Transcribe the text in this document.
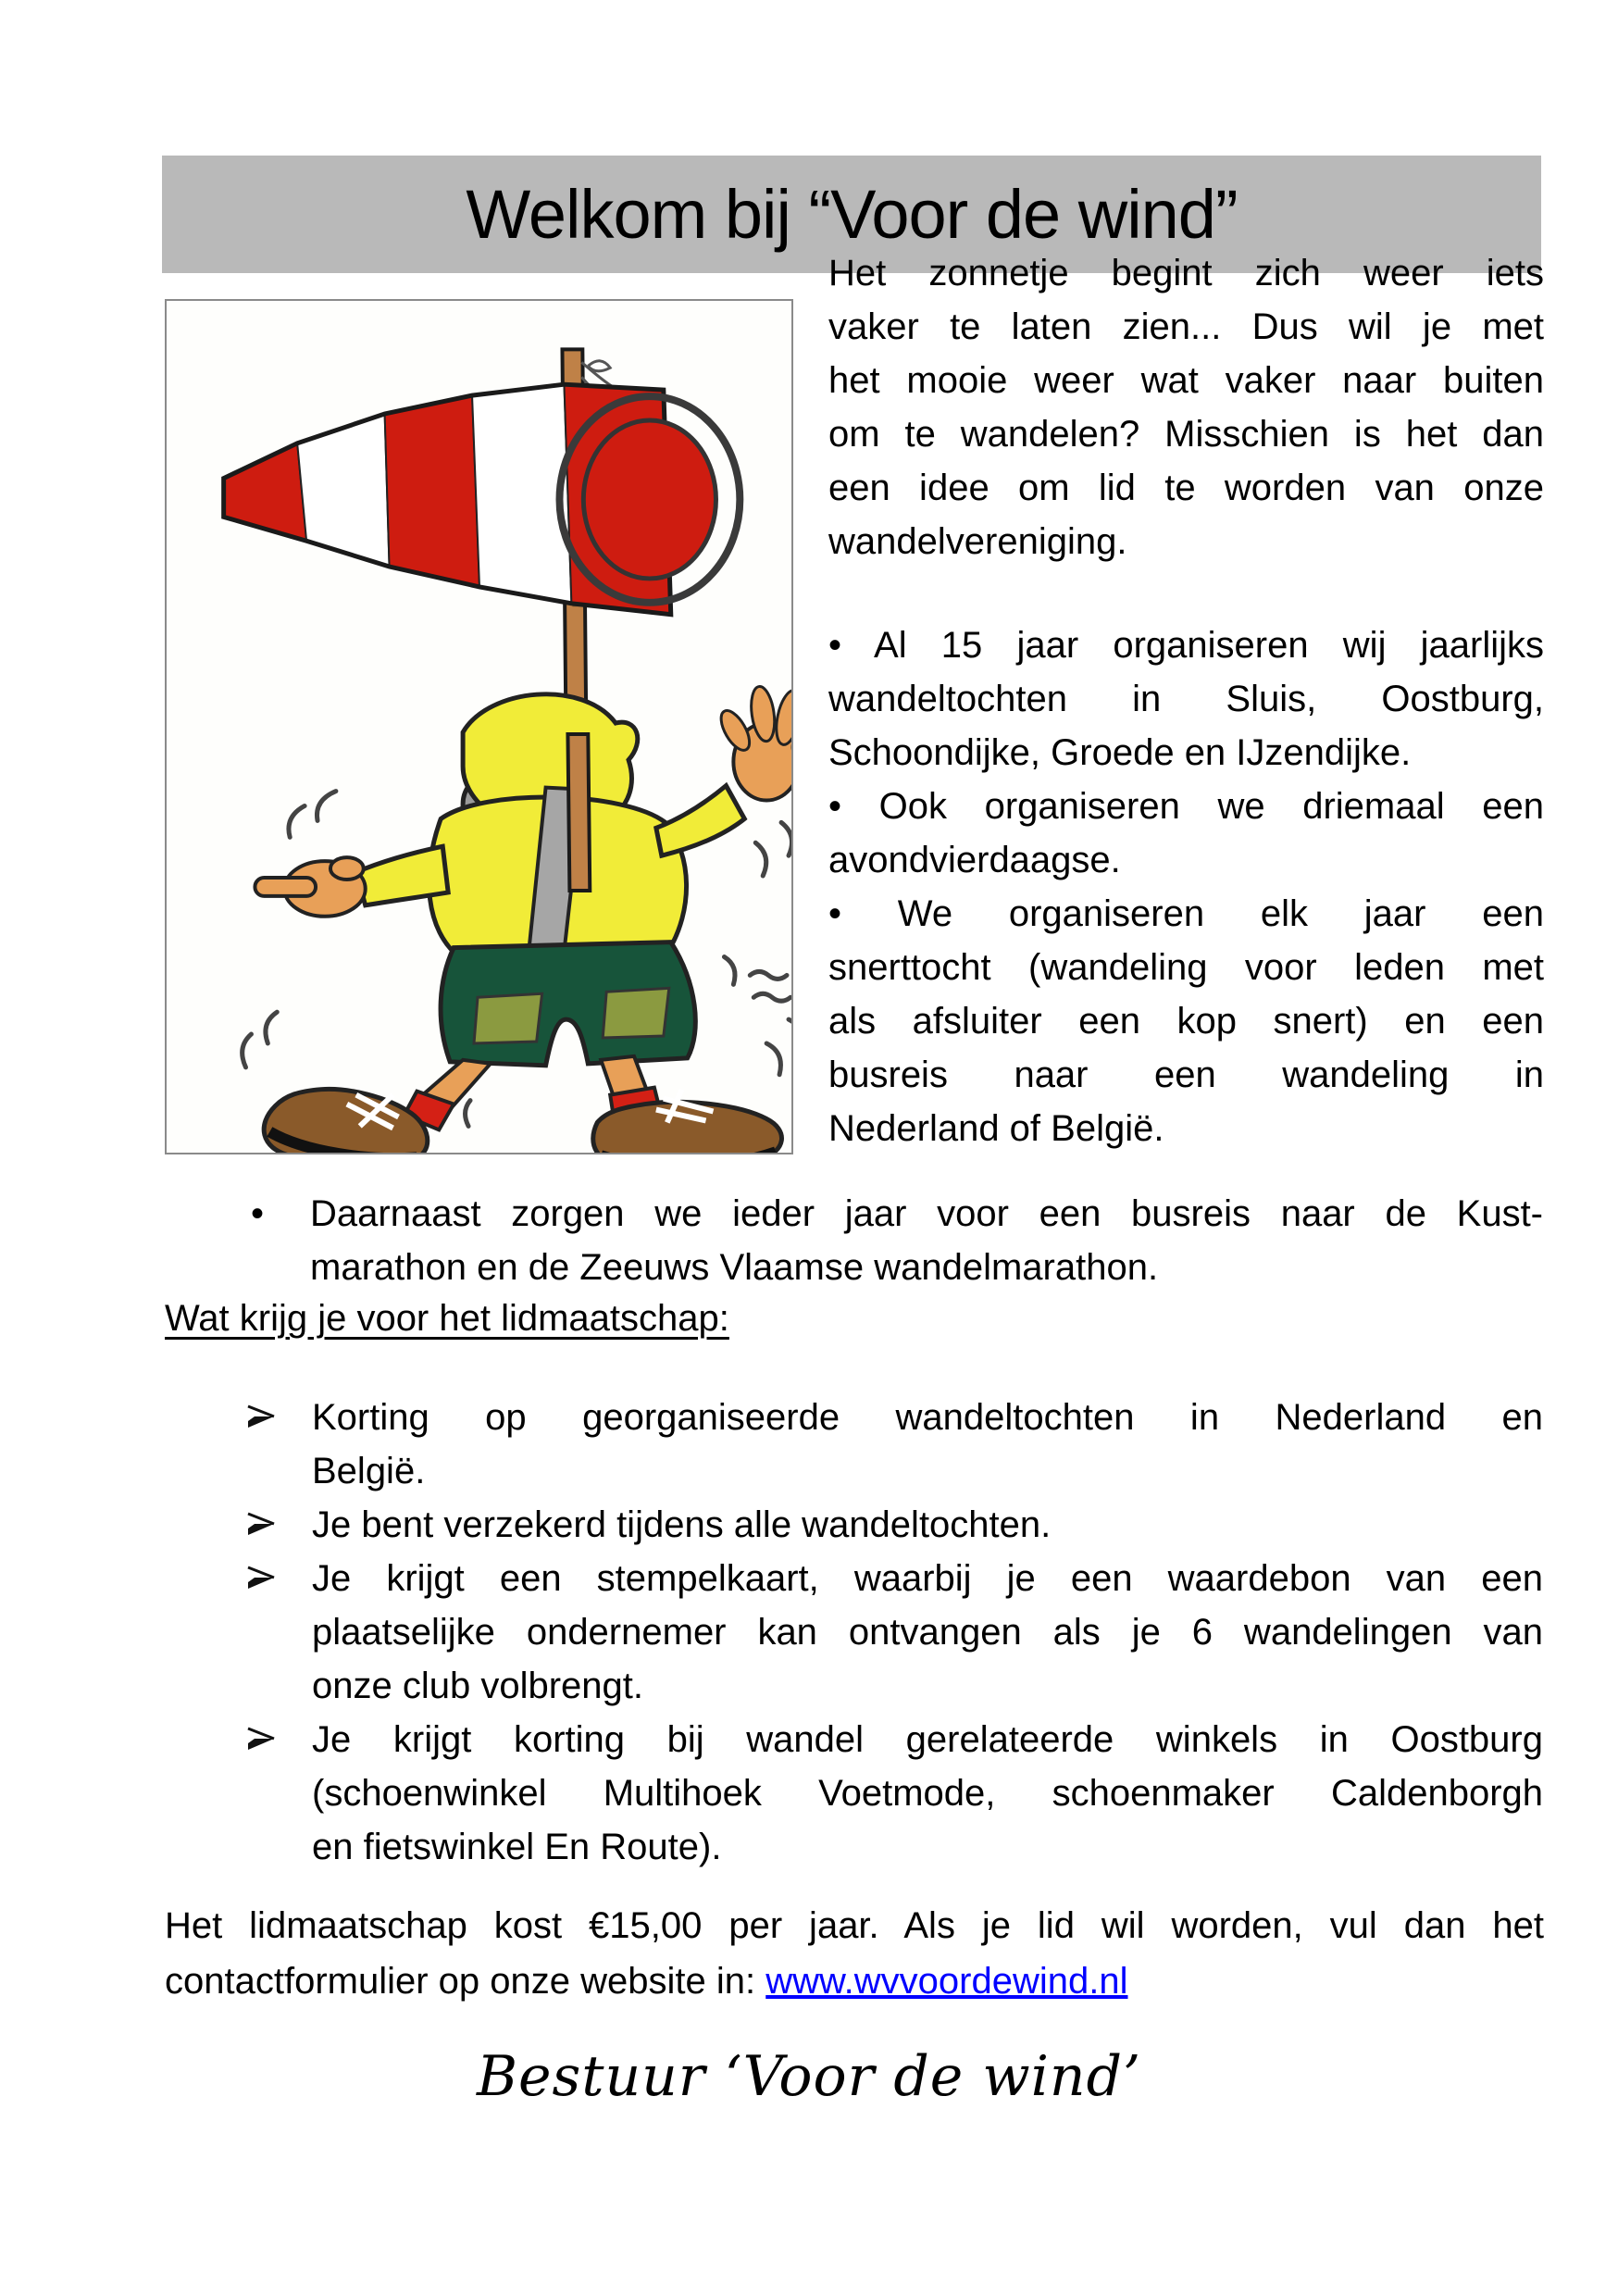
Welkom bij “Voor de wind”
Het zonnetje begint zich weer iets
vaker te laten zien... Dus wil je met
het mooie weer wat vaker naar buiten
om te wandelen? Misschien is het dan
een idee om lid te worden van onze
wandelvereniging.
• Al 15 jaar organiseren wij jaarlijks
wandeltochten in Sluis, Oostburg,
Schoondijke, Groede en IJzendijke.
• Ook organiseren we driemaal een
avondvierdaagse.
• We organiseren elk jaar een
snerttocht (wandeling voor leden met
als afsluiter een kop snert) en een
busreis naar een wandeling in
Nederland of België.
• Daarnaast zorgen we ieder jaar voor een busreis naar de Kust-
marathon en de Zeeuws Vlaamse wandelmarathon.
Wat krijg je voor het lidmaatschap:
Korting op georganiseerde wandeltochten in Nederland en
België.
Je bent verzekerd tijdens alle wandeltochten.
Je krijgt een stempelkaart, waarbij je een waardebon van een
plaatselijke ondernemer kan ontvangen als je 6 wandelingen van
onze club volbrengt.
Je krijgt korting bij wandel gerelateerde winkels in Oostburg
(schoenwinkel Multihoek Voetmode, schoenmaker Caldenborgh
en fietswinkel En Route).
Het lidmaatschap kost €15,00 per jaar. Als je lid wil worden, vul dan het
contactformulier op onze website in: www.wvvoordewind.nl
Bestuur ‘Voor de wind’
